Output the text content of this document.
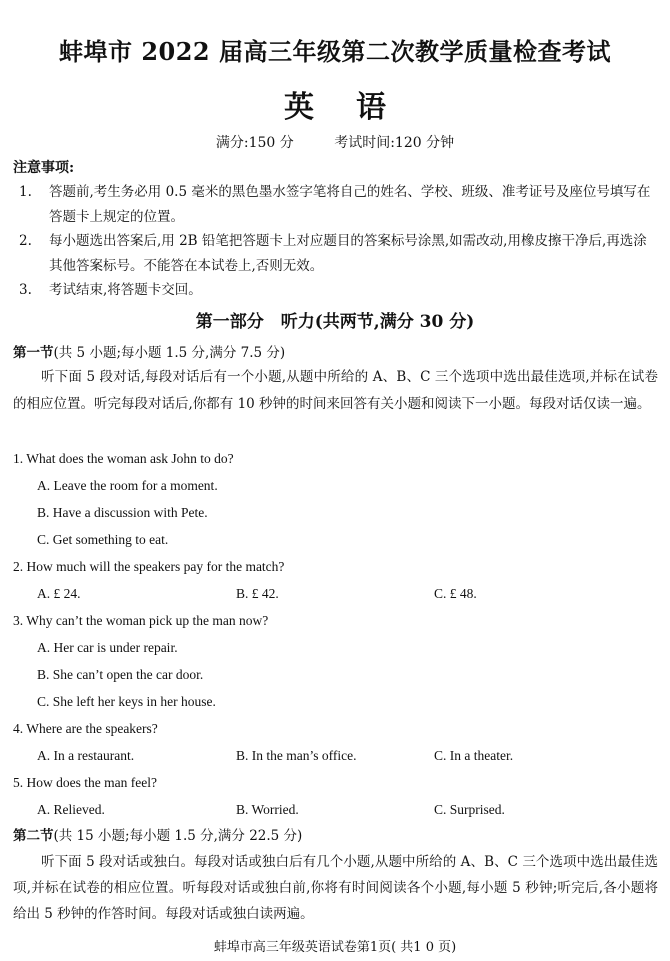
蚌埠市 2022 届高三年级第二次教学质量检查考试
英语
满分:150 分	考试时间:120 分钟
注意事项:
1.	答题前,考生务必用 0.5 毫米的黑色墨水签字笔将自己的姓名、学校、班级、准考证号及座位号填写在答题卡上规定的位置。
2.	每小题选出答案后,用 2B 铅笔把答题卡上对应题目的答案标号涂黑,如需改动,用橡皮擦干净后,再选涂其他答案标号。不能答在本试卷上,否则无效。
3.	考试结束,将答题卡交回。
第一部分　听力(共两节,满分 30 分)
第一节(共 5 小题;每小题 1.5 分,满分 7.5 分)
听下面 5 段对话,每段对话后有一个小题,从题中所给的 A、B、C 三个选项中选出最佳选项,并标在试卷的相应位置。听完每段对话后,你都有 10 秒钟的时间来回答有关小题和阅读下一小题。每段对话仅读一遍。
1. What does the woman ask John to do?
A. Leave the room for a moment.
B. Have a discussion with Pete.
C. Get something to eat.
2. How much will the speakers pay for the match?
A. £ 24.	B. £ 42.	C. £ 48.
3. Why can’t the woman pick up the man now?
A. Her car is under repair.
B. She can’t open the car door.
C. She left her keys in her house.
4. Where are the speakers?
A. In a restaurant.	B. In the man’s office.	C. In a theater.
5. How does the man feel?
A. Relieved.	B. Worried.	C. Surprised.
第二节(共 15 小题;每小题 1.5 分,满分 22.5 分)
听下面 5 段对话或独白。每段对话或独白后有几个小题,从题中所给的 A、B、C 三个选项中选出最佳选项,并标在试卷的相应位置。听每段对话或独白前,你将有时间阅读各个小题,每小题 5 秒钟;听完后,各小题将给出 5 秒钟的作答时间。每段对话或独白读两遍。
蚌埠市高三年级英语试卷第1页( 共1 0 页)
